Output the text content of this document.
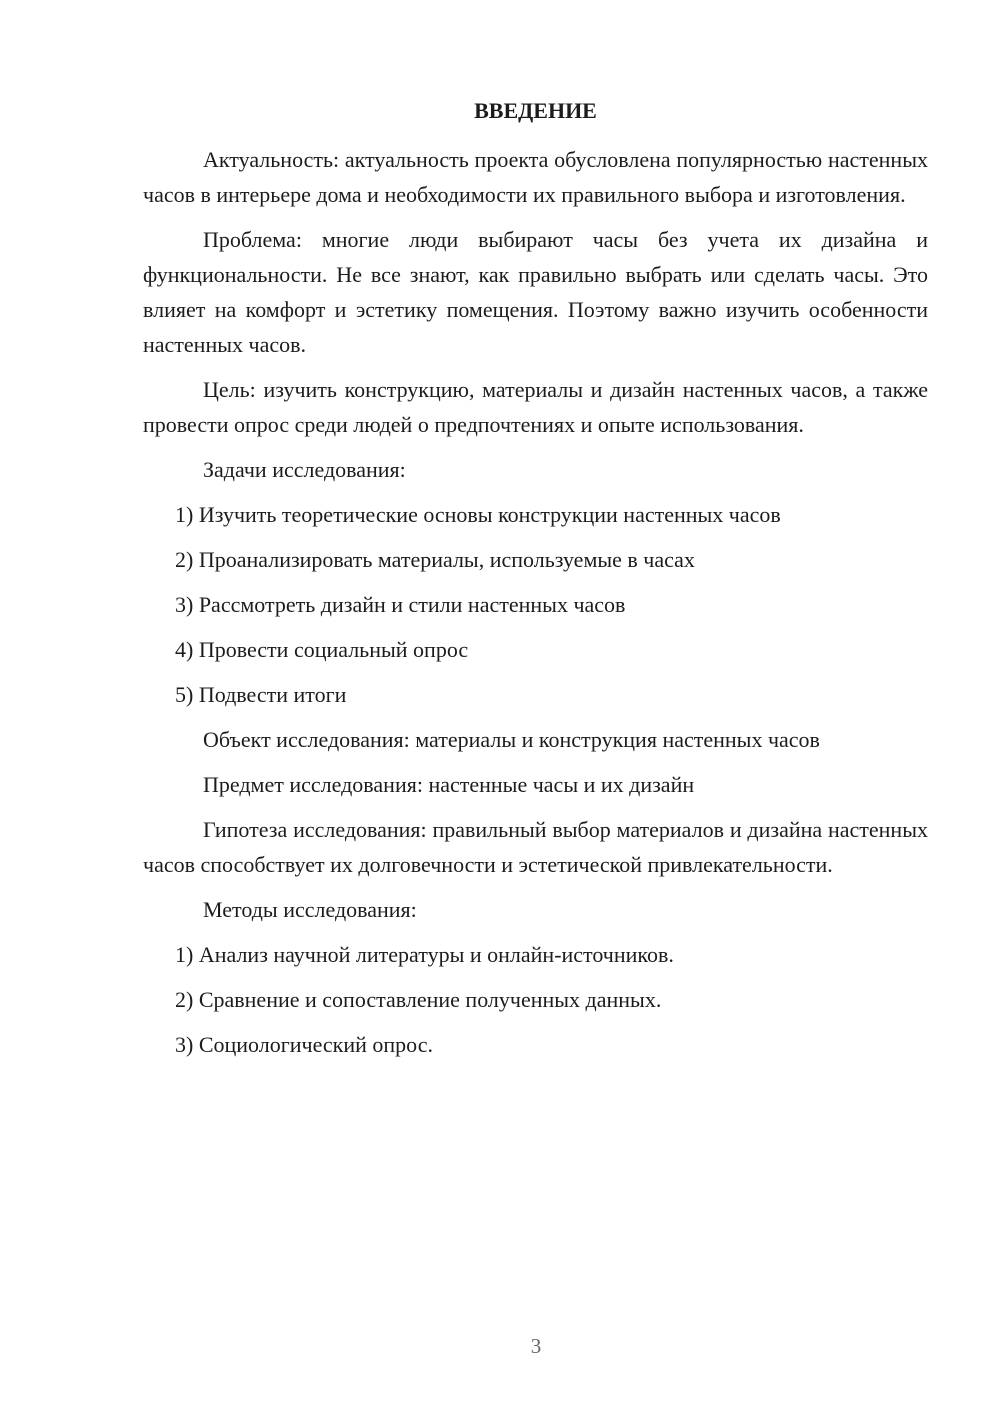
ВВЕДЕНИЕ

Актуальность: актуальность проекта обусловлена популярностью настенных часов в интерьере дома и необходимости их правильного выбора и изготовления.

Проблема: многие люди выбирают часы без учета их дизайна и функциональности. Не все знают, как правильно выбрать или сделать часы. Это влияет на комфорт и эстетику помещения. Поэтому важно изучить особенности настенных часов.

Цель: изучить конструкцию, материалы и дизайн настенных часов, а также провести опрос среди людей о предпочтениях и опыте использования.

Задачи исследования:

1) Изучить теоретические основы конструкции настенных часов

2) Проанализировать материалы, используемые в часах

3) Рассмотреть дизайн и стили настенных часов

4) Провести социальный опрос

5) Подвести итоги

Объект исследования: материалы и конструкция настенных часов

Предмет исследования: настенные часы и их дизайн

Гипотеза исследования: правильный выбор материалов и дизайна настенных часов способствует их долговечности и эстетической привлекательности.

Методы исследования:

1) Анализ научной литературы и онлайн-источников.

2) Сравнение и сопоставление полученных данных.

3) Социологический опрос.

3
